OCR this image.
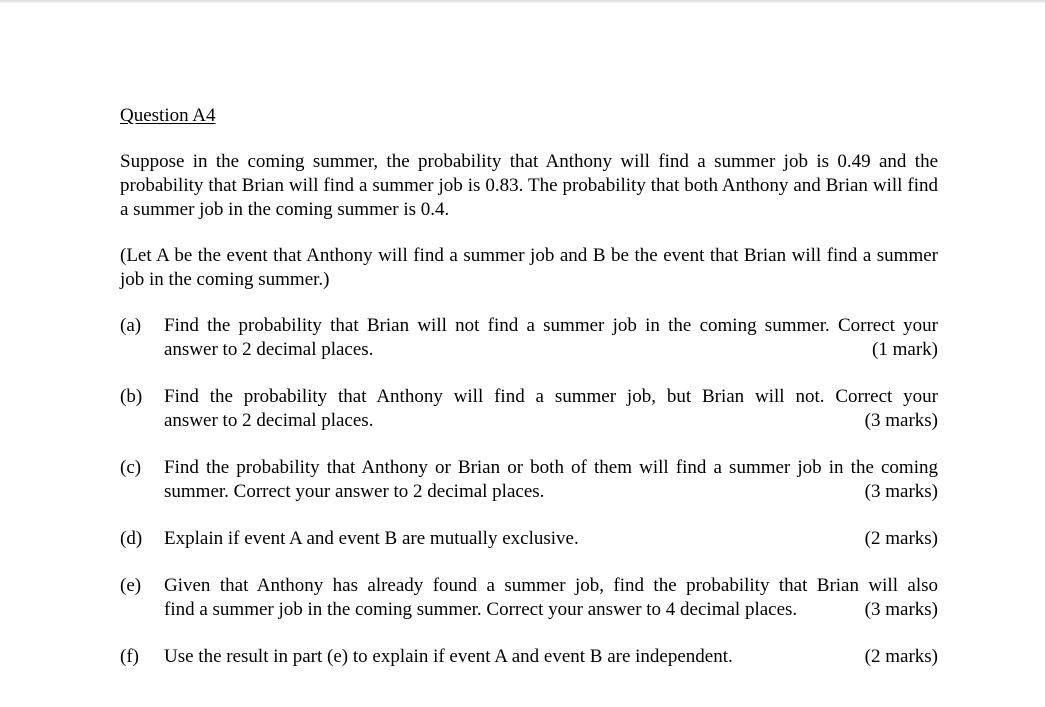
Question A4

Suppose in the coming summer, the probability that Anthony will find a summer job is 0.49 and the probability that Brian will find a summer job is 0.83. The probability that both Anthony and Brian will find a summer job in the coming summer is 0.4.

(Let A be the event that Anthony will find a summer job and B be the event that Brian will find a summer job in the coming summer.)

(a)	Find the probability that Brian will not find a summer job in the coming summer. Correct your
answer to 2 decimal places.	(1 mark)
(b)	Find the probability that Anthony will find a summer job, but Brian will not. Correct your
answer to 2 decimal places.	(3 marks)
(c)	Find the probability that Anthony or Brian or both of them will find a summer job in the coming
summer. Correct your answer to 2 decimal places.	(3 marks)
(d)	Explain if event A and event B are mutually exclusive.	(2 marks)
(e)	Given that Anthony has already found a summer job, find the probability that Brian will also
find a summer job in the coming summer. Correct your answer to 4 decimal places.	(3 marks)
(f)	Use the result in part (e) to explain if event A and event B are independent.	(2 marks)
